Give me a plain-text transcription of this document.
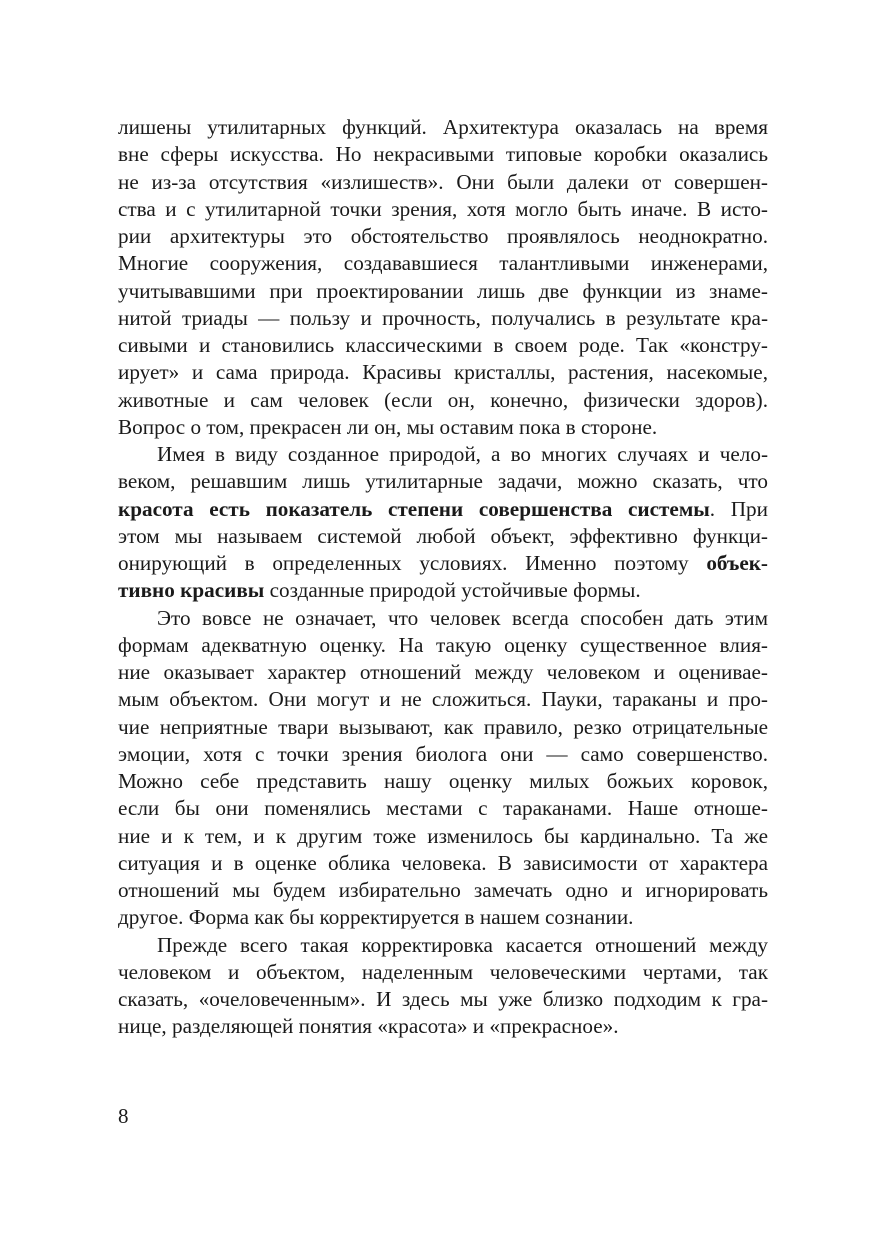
лишены утилитарных функций. Архитектура оказалась на время
вне сферы искусства. Но некрасивыми типовые коробки оказались
не из-за отсутствия «излишеств». Они были далеки от совершен-
ства и с утилитарной точки зрения, хотя могло быть иначе. В исто-
рии архитектуры это обстоятельство проявлялось неоднократно.
Многие сооружения, создававшиеся талантливыми инженерами,
учитывавшими при проектировании лишь две функции из знаме-
нитой триады — пользу и прочность, получались в результате кра-
сивыми и становились классическими в своем роде. Так «констру-
ирует» и сама природа. Красивы кристаллы, растения, насекомые,
животные и сам человек (если он, конечно, физически здоров).
Вопрос о том, прекрасен ли он, мы оставим пока в стороне.
Имея в виду созданное природой, а во многих случаях и чело-
веком, решавшим лишь утилитарные задачи, можно сказать, что
красота есть показатель степени совершенства системы. При
этом мы называем системой любой объект, эффективно функци-
онирующий в определенных условиях. Именно поэтому объек-
тивно красивы созданные природой устойчивые формы.
Это вовсе не означает, что человек всегда способен дать этим
формам адекватную оценку. На такую оценку существенное влия-
ние оказывает характер отношений между человеком и оценивае-
мым объектом. Они могут и не сложиться. Пауки, тараканы и про-
чие неприятные твари вызывают, как правило, резко отрицательные
эмоции, хотя с точки зрения биолога они — само совершенство.
Можно себе представить нашу оценку милых божьих коровок,
если бы они поменялись местами с тараканами. Наше отноше-
ние и к тем, и к другим тоже изменилось бы кардинально. Та же
ситуация и в оценке облика человека. В зависимости от характера
отношений мы будем избирательно замечать одно и игнорировать
другое. Форма как бы корректируется в нашем сознании.
Прежде всего такая корректировка касается отношений между
человеком и объектом, наделенным человеческими чертами, так
сказать, «очеловеченным». И здесь мы уже близко подходим к гра-
нице, разделяющей понятия «красота» и «прекрасное».
8
